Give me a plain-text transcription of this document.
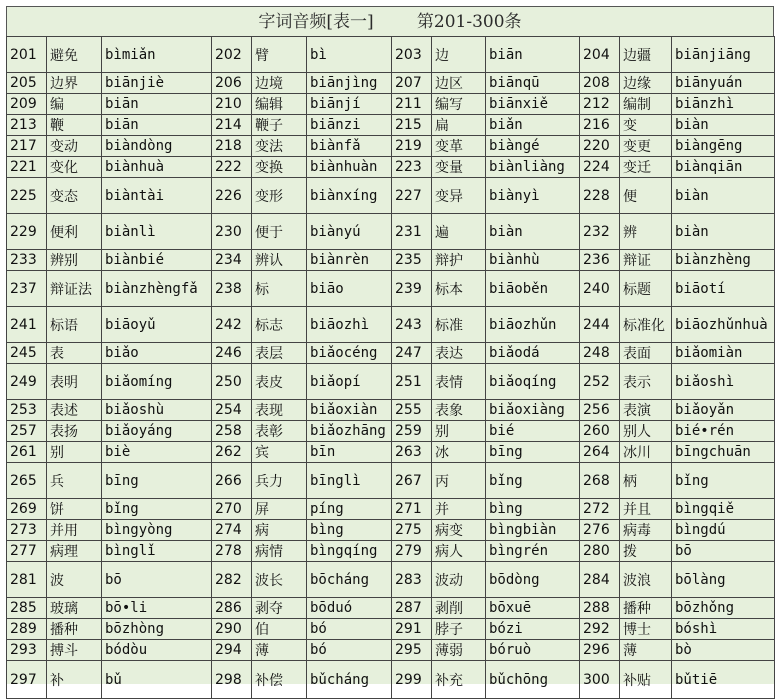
字词音频[表一]        第201-300条
201	避免	bìmiǎn	202	臂	bì	203	边	biān	204	边疆	biānjiāng
205	边界	biānjiè	206	边境	biānjìng	207	边区	biānqū	208	边缘	biānyuán
209	编	biān	210	编辑	biānjí	211	编写	biānxiě	212	编制	biānzhì
213	鞭	biān	214	鞭子	biānzi	215	扁	biǎn	216	变	biàn
217	变动	biàndòng	218	变法	biànfǎ	219	变革	biàngé	220	变更	biàngēng
221	变化	biànhuà	222	变换	biànhuàn	223	变量	biànliàng	224	变迁	biànqiān
225	变态	biàntài	226	变形	biànxíng	227	变异	biànyì	228	便	biàn
229	便利	biànlì	230	便于	biànyú	231	遍	biàn	232	辨	biàn
233	辨别	biànbié	234	辨认	biànrèn	235	辩护	biànhù	236	辩证	biànzhèng
237	辩证法	biànzhèngfǎ	238	标	biāo	239	标本	biāoběn	240	标题	biāotí
241	标语	biāoyǔ	242	标志	biāozhì	243	标准	biāozhǔn	244	标准化	biāozhǔnhuà
245	表	biǎo	246	表层	biǎocéng	247	表达	biǎodá	248	表面	biǎomiàn
249	表明	biǎomíng	250	表皮	biǎopí	251	表情	biǎoqíng	252	表示	biǎoshì
253	表述	biǎoshù	254	表现	biǎoxiàn	255	表象	biǎoxiàng	256	表演	biǎoyǎn
257	表扬	biǎoyáng	258	表彰	biǎozhāng	259	别	bié	260	别人	bié•rén
261	别	biè	262	宾	bīn	263	冰	bīng	264	冰川	bīngchuān
265	兵	bīng	266	兵力	bīnglì	267	丙	bǐng	268	柄	bǐng
269	饼	bǐng	270	屏	píng	271	并	bìng	272	并且	bìngqiě
273	并用	bìngyòng	274	病	bìng	275	病变	bìngbiàn	276	病毒	bìngdú
277	病理	bìnglǐ	278	病情	bìngqíng	279	病人	bìngrén	280	拨	bō
281	波	bō	282	波长	bōcháng	283	波动	bōdòng	284	波浪	bōlàng
285	玻璃	bō•li	286	剥夺	bōduó	287	剥削	bōxuē	288	播种	bōzhǒng
289	播种	bōzhòng	290	伯	bó	291	脖子	bózi	292	博士	bóshì
293	搏斗	bódòu	294	薄	bó	295	薄弱	bóruò	296	薄	bò
297	补	bǔ	298	补偿	bǔcháng	299	补充	bǔchōng	300	补贴	bǔtiē
